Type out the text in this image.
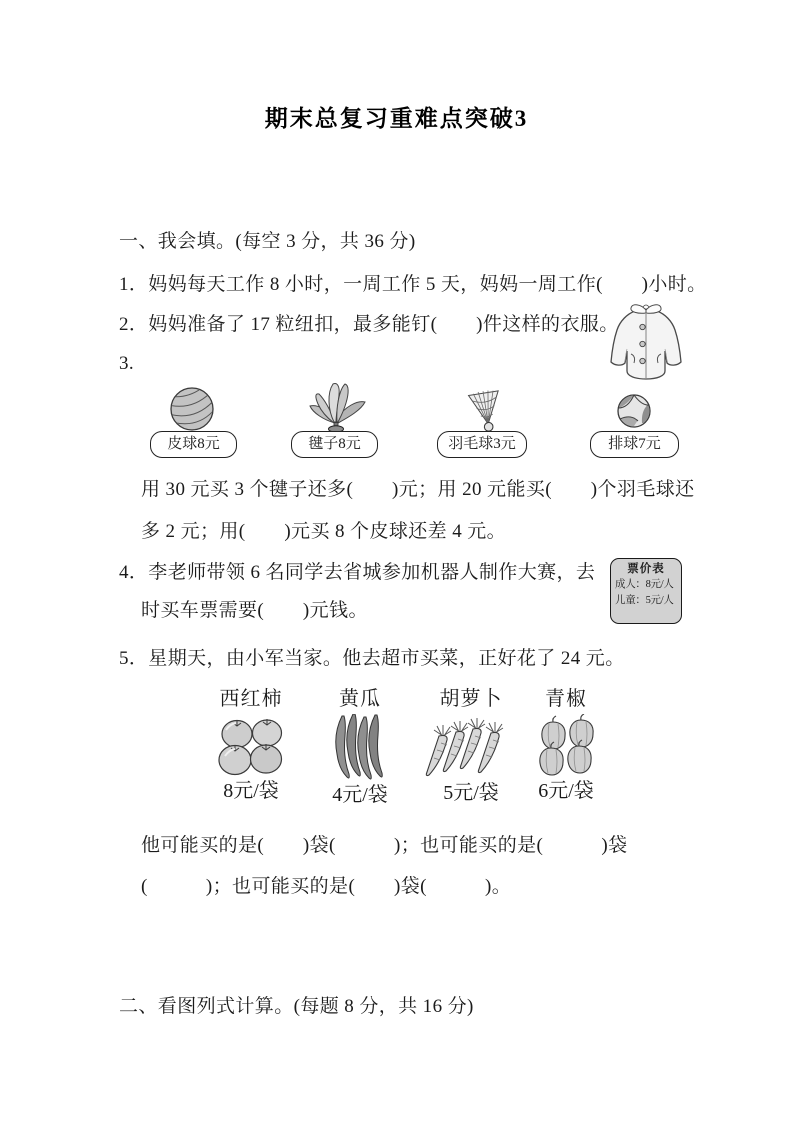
期末总复习重难点突破3
一、我会填。(每空 3 分，共 36 分)
1．妈妈每天工作 8 小时，一周工作 5 天，妈妈一周工作(　　)小时。
2．妈妈准备了 17 粒纽扣，最多能钉(　　)件这样的衣服。
3.
皮球8元	毽子8元	羽毛球3元	排球7元
用 30 元买 3 个毽子还多(　　)元；用 20 元能买(　　)个羽毛球还
多 2 元；用(　　)元买 8 个皮球还差 4 元。
4．李老师带领 6 名同学去省城参加机器人制作大赛，去
时买车票需要(　　)元钱。
票价表
成人：8元/人
儿童：5元/人
5．星期天，由小军当家。他去超市买菜，正好花了 24 元。
西红柿
8元/袋
黄瓜
4元/袋
胡萝卜
5元/袋
青椒
6元/袋
他可能买的是(　　)袋(　　　)；也可能买的是(　　　)袋
(　　　)；也可能买的是(　　)袋(　　　)。
二、看图列式计算。(每题 8 分，共 16 分)
